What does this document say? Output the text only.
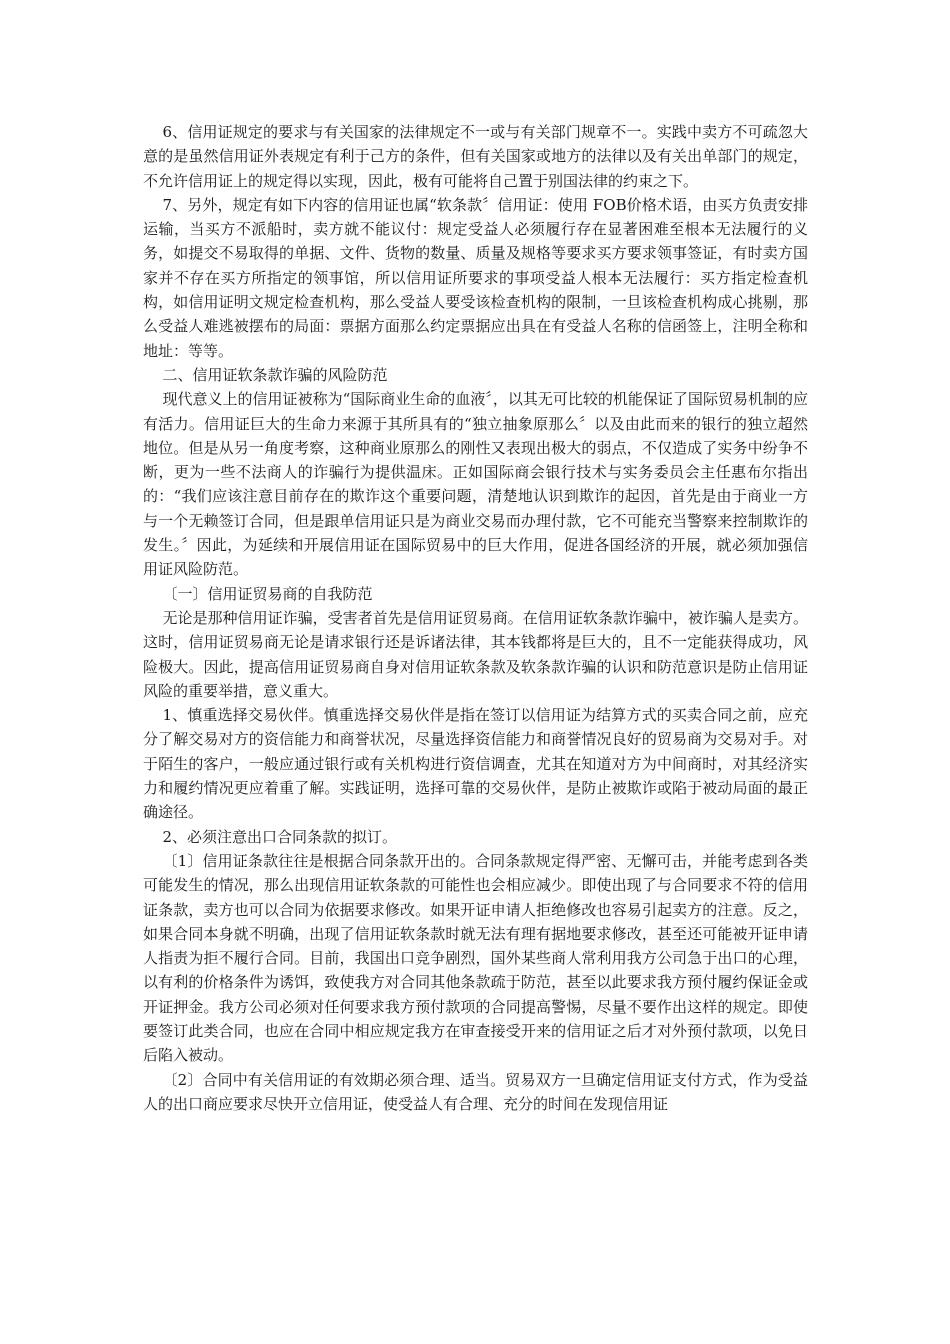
6、信用证规定的要求与有关国家的法律规定不一或与有关部门规章不一。实践中卖方不可疏忽大意的是虽然信用证外表规定有利于己方的条件，但有关国家或地方的法律以及有关出单部门的规定，不允许信用证上的规定得以实现，因此，极有可能将自己置于别国法律的约束之下。

7、另外，规定有如下内容的信用证也属“软条款〞信用证：使用 FOB价格术语，由买方负责安排运输，当买方不派船时，卖方就不能议付：规定受益人必须履行存在显著困难至根本无法履行的义务，如提交不易取得的单据、文件、货物的数量、质量及规格等要求买方要求领事签证，有时卖方国家并不存在买方所指定的领事馆，所以信用证所要求的事项受益人根本无法履行：买方指定检查机构，如信用证明文规定检查机构，那么受益人要受该检查机构的限制，一旦该检查机构成心挑剔，那么受益人难逃被摆布的局面：票据方面那么约定票据应出具在有受益人名称的信函签上，注明全称和地址：等等。

二、信用证软条款诈骗的风险防范

现代意义上的信用证被称为“国际商业生命的血液〞，以其无可比较的机能保证了国际贸易机制的应有活力。信用证巨大的生命力来源于其所具有的“独立抽象原那么〞以及由此而来的银行的独立超然地位。但是从另一角度考察，这种商业原那么的刚性又表现出极大的弱点，不仅造成了实务中纷争不断，更为一些不法商人的诈骗行为提供温床。正如国际商会银行技术与实务委员会主任惠布尔指出的：“我们应该注意目前存在的欺诈这个重要问题，清楚地认识到欺诈的起因，首先是由于商业一方与一个无赖签订合同，但是跟单信用证只是为商业交易而办理付款，它不可能充当警察来控制欺诈的发生。〞因此，为延续和开展信用证在国际贸易中的巨大作用，促进各国经济的开展，就必须加强信用证风险防范。

〔一〕信用证贸易商的自我防范

无论是那种信用证诈骗，受害者首先是信用证贸易商。在信用证软条款诈骗中，被诈骗人是卖方。这时，信用证贸易商无论是请求银行还是诉诸法律，其本钱都将是巨大的，且不一定能获得成功，风险极大。因此，提高信用证贸易商自身对信用证软条款及软条款诈骗的认识和防范意识是防止信用证风险的重要举措，意义重大。

1、慎重选择交易伙伴。慎重选择交易伙伴是指在签订以信用证为结算方式的买卖合同之前，应充分了解交易对方的资信能力和商誉状况，尽量选择资信能力和商誉情况良好的贸易商为交易对手。对于陌生的客户，一般应通过银行或有关机构进行资信调查，尤其在知道对方为中间商时，对其经济实力和履约情况更应着重了解。实践证明，选择可靠的交易伙伴，是防止被欺诈或陷于被动局面的最正确途径。

2、必须注意出口合同条款的拟订。

〔1〕信用证条款往往是根据合同条款开出的。合同条款规定得严密、无懈可击，并能考虑到各类可能发生的情况，那么出现信用证软条款的可能性也会相应减少。即使出现了与合同要求不符的信用证条款，卖方也可以合同为依据要求修改。如果开证申请人拒绝修改也容易引起卖方的注意。反之，如果合同本身就不明确，出现了信用证软条款时就无法有理有据地要求修改，甚至还可能被开证申请人指责为拒不履行合同。目前，我国出口竞争剧烈，国外某些商人常利用我方公司急于出口的心理，以有利的价格条件为诱饵，致使我方对合同其他条款疏于防范，甚至以此要求我方预付履约保证金或开证押金。我方公司必须对任何要求我方预付款项的合同提高警惕，尽量不要作出这样的规定。即使要签订此类合同，也应在合同中相应规定我方在审查接受开来的信用证之后才对外预付款项，以免日后陷入被动。

〔2〕合同中有关信用证的有效期必须合理、适当。贸易双方一旦确定信用证支付方式，作为受益人的出口商应要求尽快开立信用证，使受益人有合理、充分的时间在发现信用证
